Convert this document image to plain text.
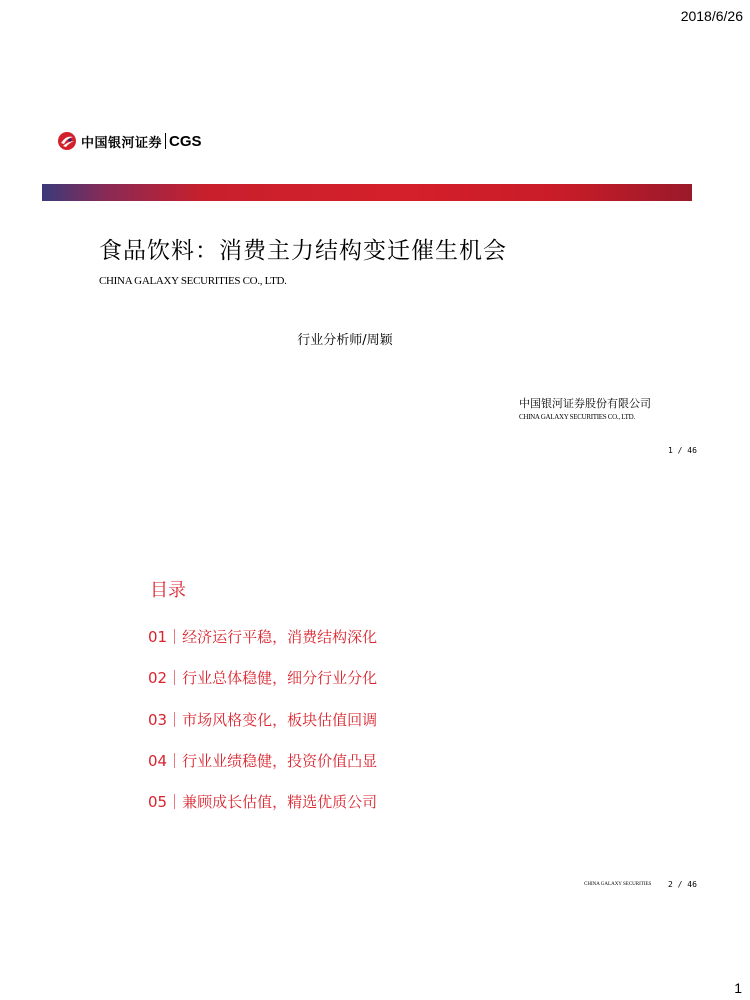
2018/6/26
中国银河证券 CGS
食品饮料：消费主力结构变迁催生机会
CHINA GALAXY SECURITIES CO., LTD.
行业分析师/周颖
中国银河证券股份有限公司
CHINA GALAXY SECURITIES CO., LTD.
1 / 46
目录
01｜经济运行平稳，消费结构深化
02｜行业总体稳健，细分行业分化
03｜市场风格变化，板块估值回调
04｜行业业绩稳健，投资价值凸显
05｜兼顾成长估值，精选优质公司
CHINA GALAXY SECURITIES 2 / 46
1
